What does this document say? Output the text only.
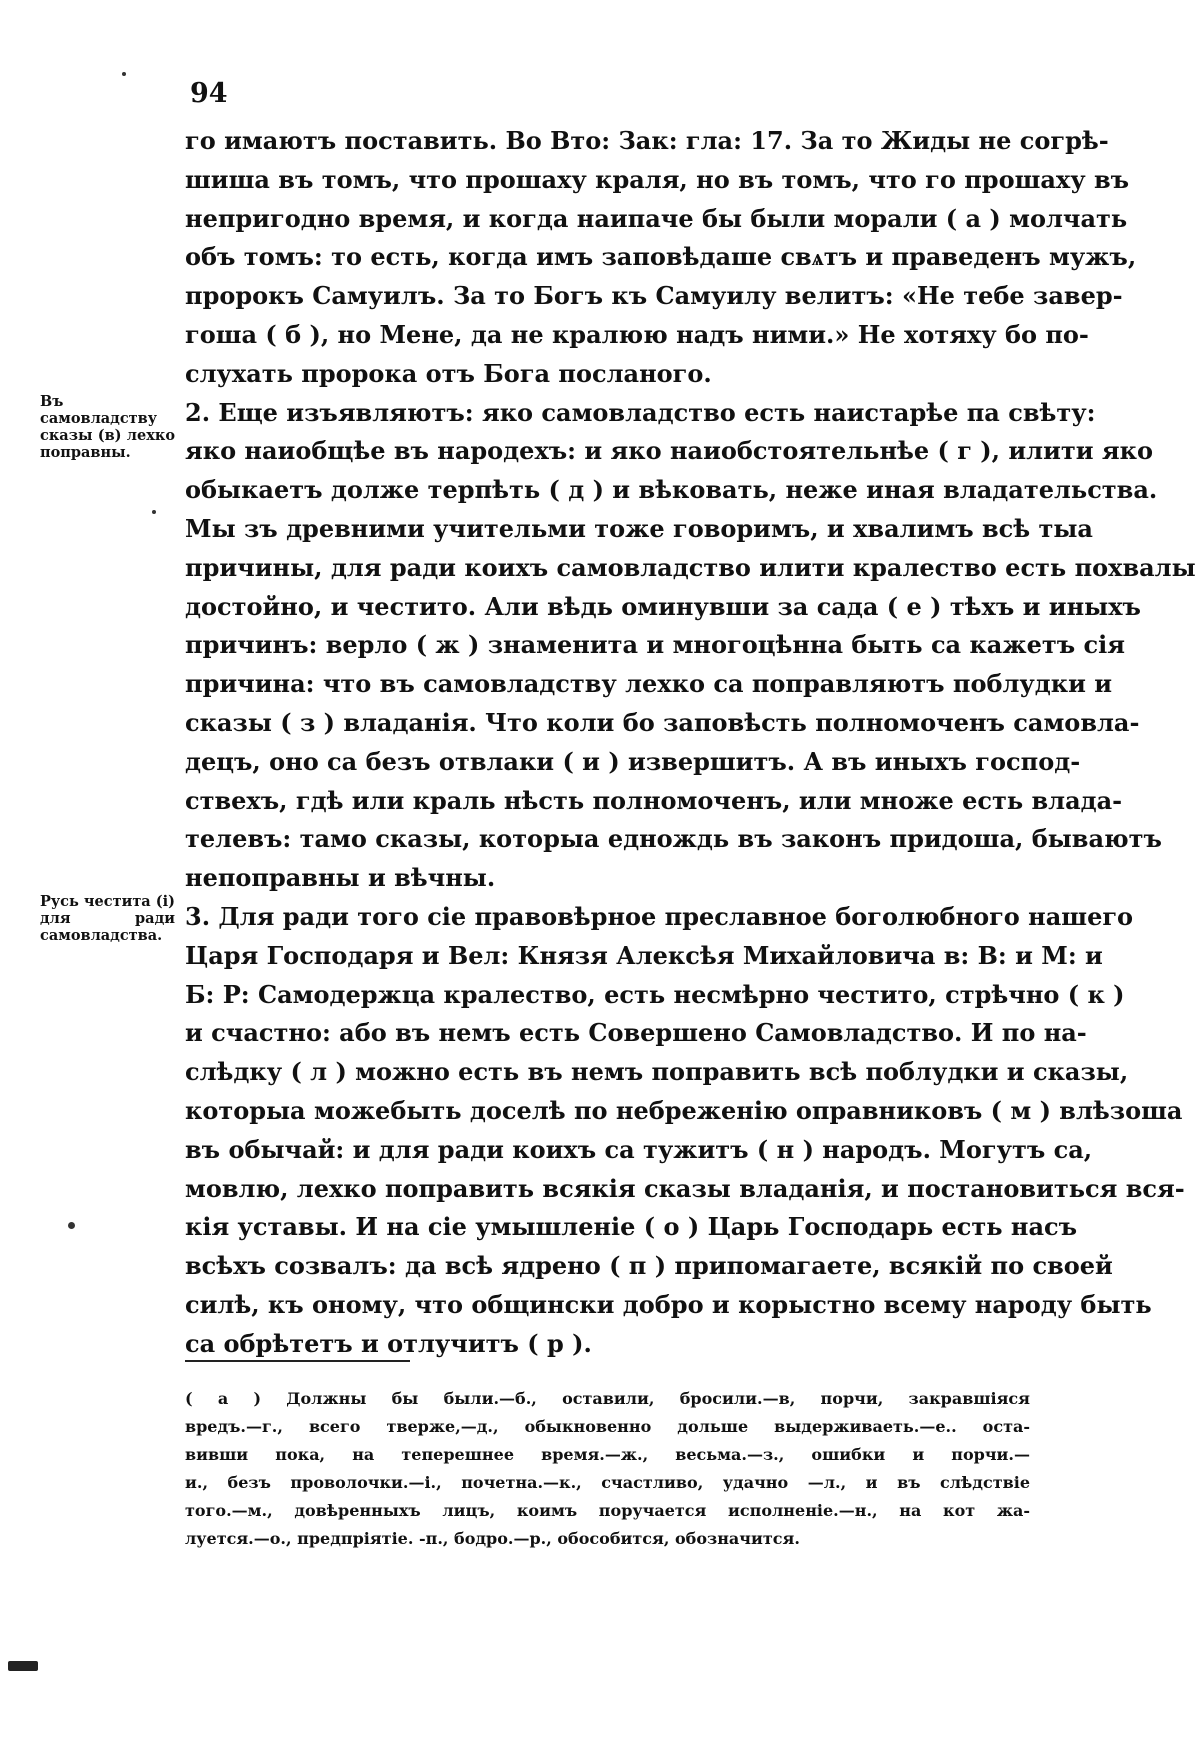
94
Въ самовладству сказы (в) лехко поправны.
Русь честита (і) для ради самовладства.
го имаютъ поставить. Во Вто: Зак: гла: 17. За то Жиды не согрѣ-
шиша въ томъ, что прошаху краля, но въ томъ, что го прошаху въ
непригодно время, и когда наипаче бы были морали ( а ) молчать
объ томъ: то есть, когда имъ заповѣдаше свѧтъ и праведенъ мужъ,
пророкъ Самуилъ. За то Богъ къ Самуилу велитъ: «Не тебе завер-
гоша ( б ), но Мене, да не кралюю надъ ними.» Не хотяху бо по-
слухать пророка отъ Бога посланого.
2. Еще изъявляютъ: яко самовладство есть наистарѣе па свѣту:
яко наиобщѣе въ народехъ: и яко наиобстоятельнѣе ( г ), илити яко
обыкаетъ долже терпѣть ( д ) и вѣковать, неже иная владательства.
Мы зъ древними учительми тоже говоримъ, и хвалимъ всѣ тыа
причины, для ради коихъ самовладство илити кралество есть похвалы
достойно, и честито. Али вѣдь оминувши за сада ( е ) тѣхъ и иныхъ
причинъ: верло ( ж ) знаменита и многоцѣнна быть са кажетъ сія
причина: что въ самовладству лехко са поправляютъ поблудки и
сказы ( з ) владанія. Что коли бо заповѣсть полномоченъ самовла-
децъ, оно са безъ отвлаки ( и ) извершитъ. А въ иныхъ господ-
ствехъ, гдѣ или краль нѣсть полномоченъ, или множе есть влада-
телевъ: тамо сказы, которыа еднождь въ законъ придоша, бываютъ
непоправны и вѣчны.
3. Для ради того сіе правовѣрное преславное боголюбного нашего
Царя Господаря и Вел: Князя Алексѣя Михайловича в: В: и М: и
Б: Р: Самодержца кралество, есть несмѣрно честито, стрѣчно ( к )
и счастно: або въ немъ есть Совершено Самовладство. И по на-
слѣдку ( л ) можно есть въ немъ поправить всѣ поблудки и сказы,
которыа можебыть доселѣ по небреженію оправниковъ ( м ) влѣзоша
въ обычай: и для ради коихъ са тужитъ ( н ) народъ. Могутъ са,
мовлю, лехко поправить всякія сказы владанія, и постановиться вся-
кія уставы. И на сіе умышленіе ( о ) Царь Господарь есть насъ
всѣхъ созвалъ: да всѣ ядрено ( п ) припомагаете, всякій по своей
силѣ, къ оному, что общински добро и корыстно всему народу быть
са обрѣтетъ и отлучитъ ( р ).
( а ) Должны бы были.—б., оставили, бросили.—в, порчи, закравшіяся
вредъ.—г., всего тверже,—д., обыкновенно дольше выдерживаеть.—е.. оста-
вивши пока, на теперешнее время.—ж., весьма.—з., ошибки и порчи.—
и., безъ проволочки.—і., почетна.—к., счастливо, удачно —л., и въ слѣдствіе
того.—м., довѣренныхъ лицъ, коимъ поручается исполненіе.—н., на кот жа-
луется.—о., предпріятіе. -п., бодро.—р., обособится, обозначится.
